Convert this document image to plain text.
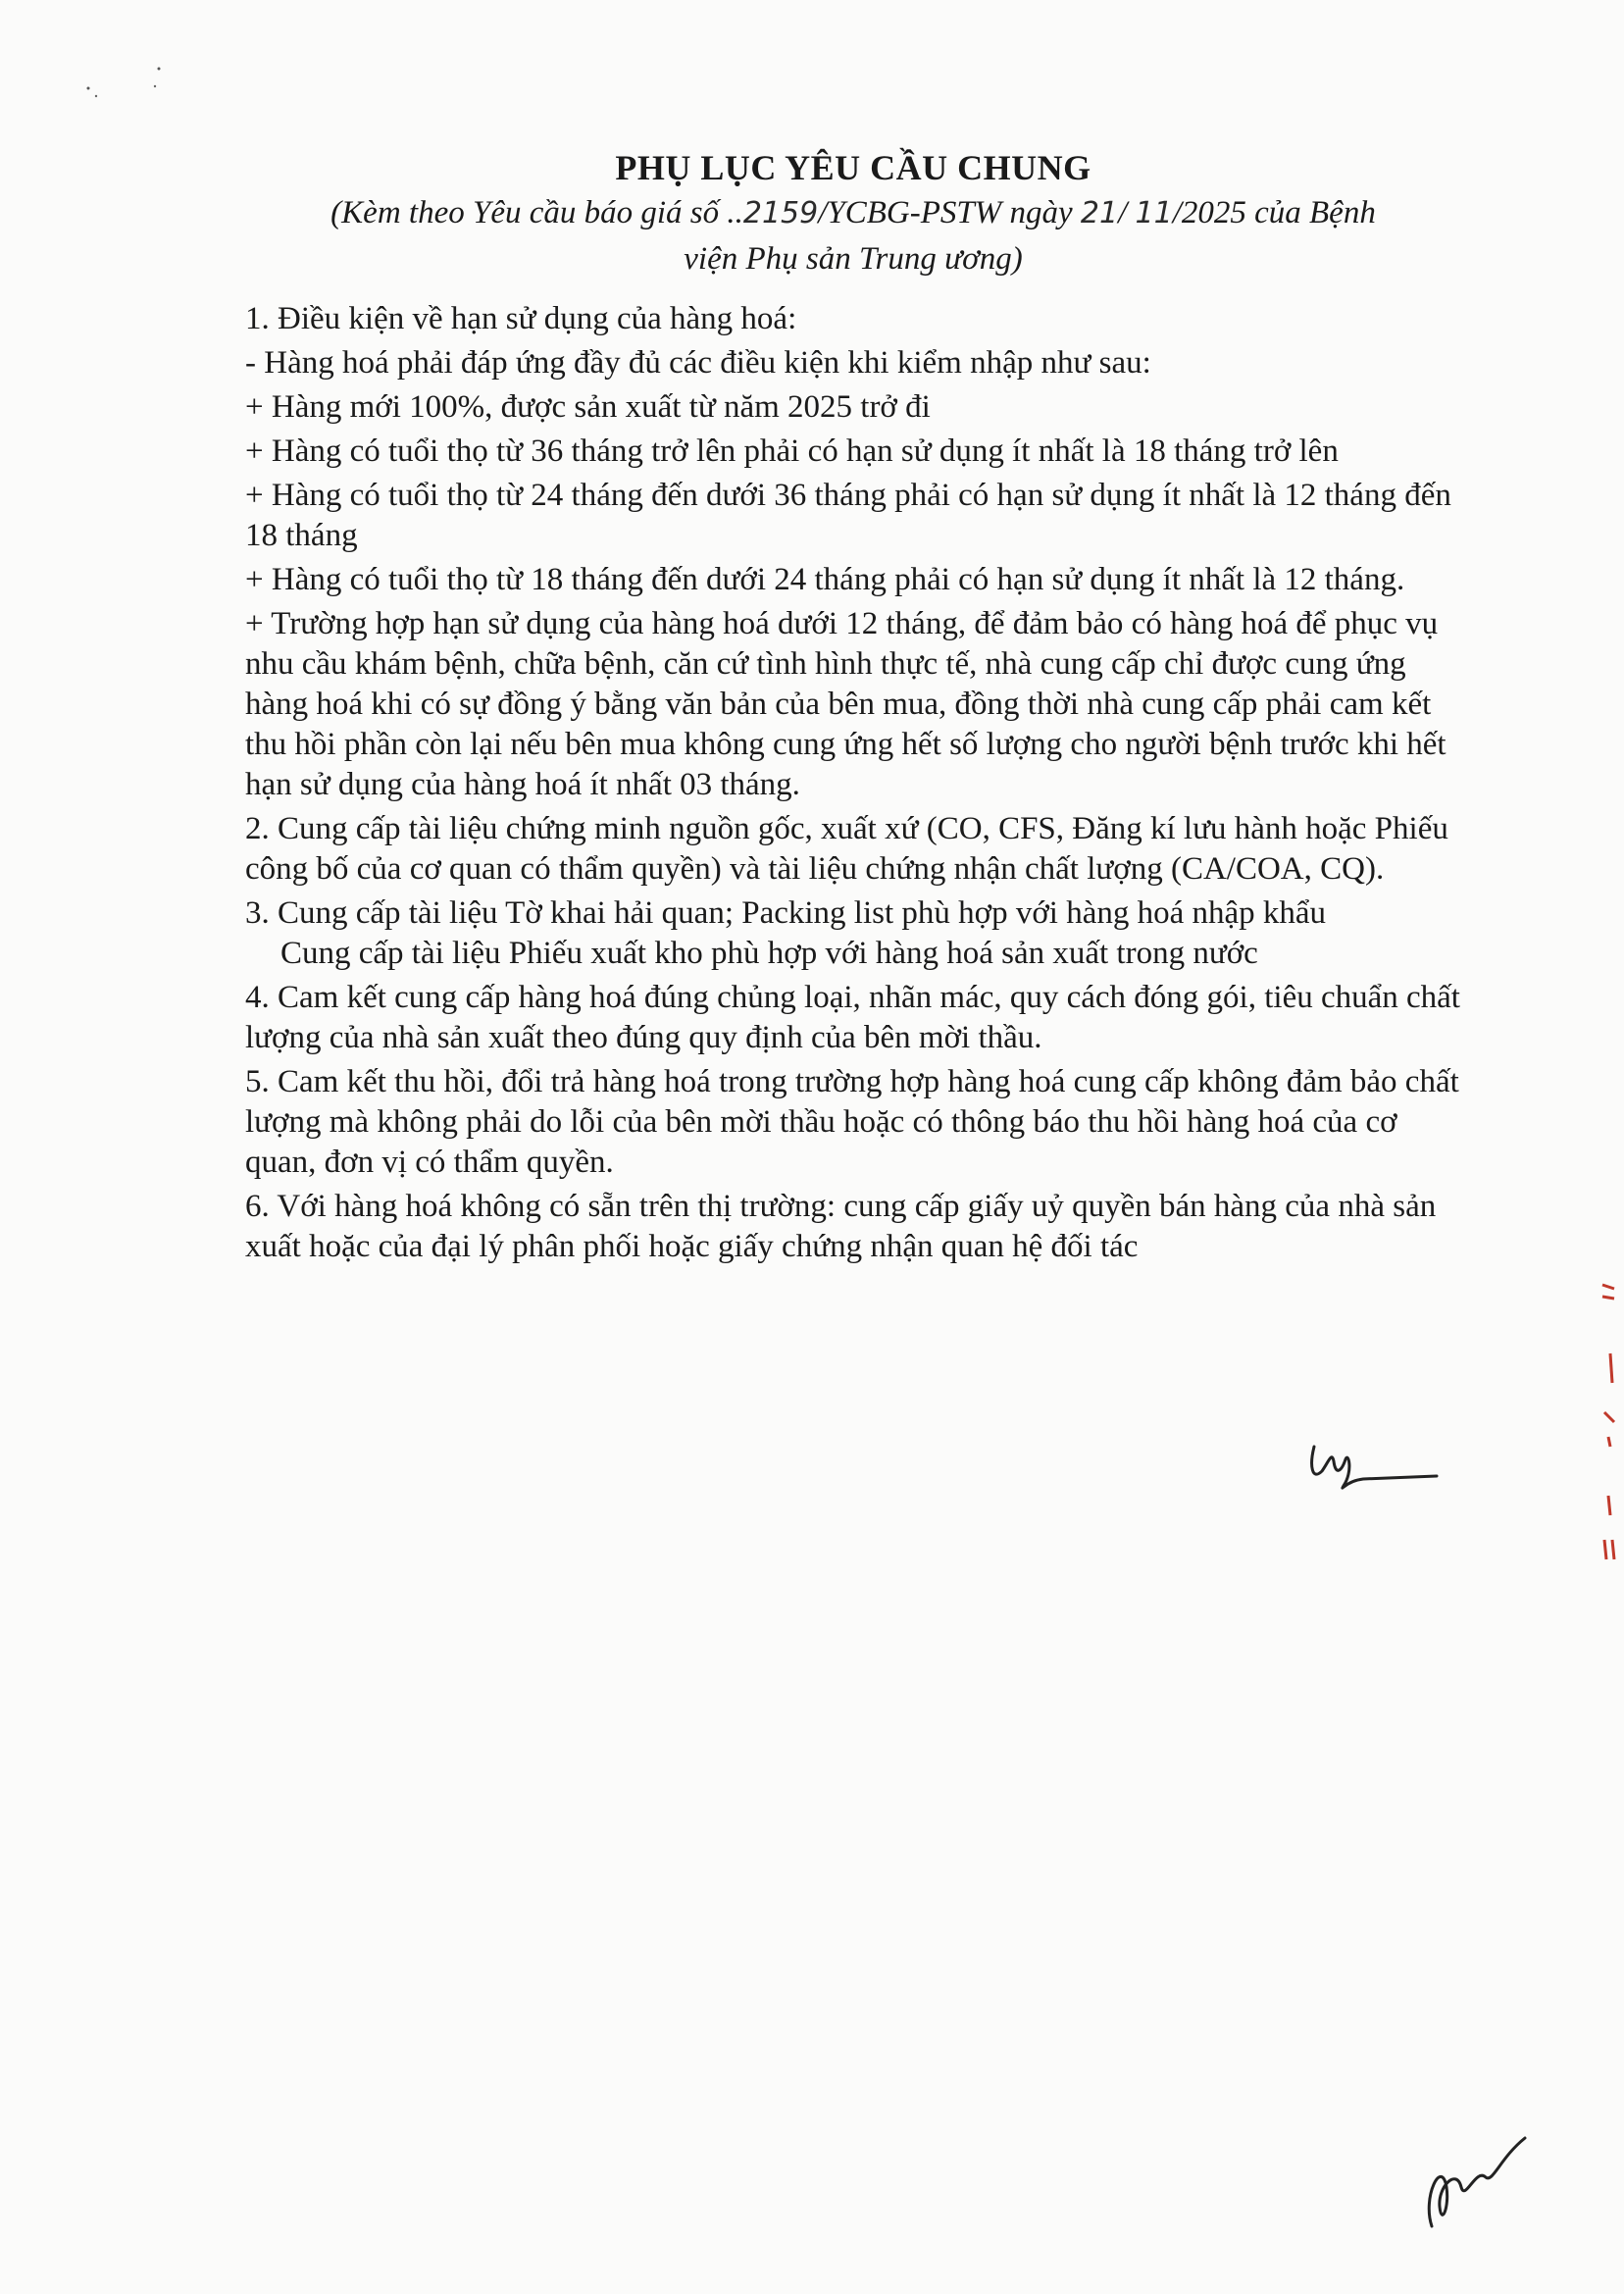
PHỤ LỤC YÊU CẦU CHUNG
(Kèm theo Yêu cầu báo giá số ..2159/YCBG-PSTW ngày 21/ 11/2025 của Bệnh
viện Phụ sản Trung ương)

1. Điều kiện về hạn sử dụng của hàng hoá:

- Hàng hoá phải đáp ứng đầy đủ các điều kiện khi kiểm nhập như sau:

+ Hàng mới 100%, được sản xuất từ năm 2025 trở đi

+ Hàng có tuổi thọ từ 36 tháng trở lên phải có hạn sử dụng ít nhất là 18 tháng trở lên

+ Hàng có tuổi thọ từ 24 tháng đến dưới 36 tháng phải có hạn sử dụng ít nhất là 12 tháng đến 18 tháng

+ Hàng có tuổi thọ từ 18 tháng đến dưới 24 tháng phải có hạn sử dụng ít nhất là 12 tháng.

+ Trường hợp hạn sử dụng của hàng hoá dưới 12 tháng, để đảm bảo có hàng hoá để phục vụ nhu cầu khám bệnh, chữa bệnh, căn cứ tình hình thực tế, nhà cung cấp chỉ được cung ứng hàng hoá khi có sự đồng ý bằng văn bản của bên mua, đồng thời nhà cung cấp phải cam kết thu hồi phần còn lại nếu bên mua không cung ứng hết số lượng cho người bệnh trước khi hết hạn sử dụng của hàng hoá ít nhất 03 tháng.

2. Cung cấp tài liệu chứng minh nguồn gốc, xuất xứ (CO, CFS, Đăng kí lưu hành hoặc Phiếu công bố của cơ quan có thẩm quyền) và tài liệu chứng nhận chất lượng (CA/COA, CQ).

3. Cung cấp tài liệu Tờ khai hải quan; Packing list phù hợp với hàng hoá nhập khẩu

Cung cấp tài liệu Phiếu xuất kho phù hợp với hàng hoá sản xuất trong nước

4. Cam kết cung cấp hàng hoá đúng chủng loại, nhãn mác, quy cách đóng gói, tiêu chuẩn chất lượng của nhà sản xuất theo đúng quy định của bên mời thầu.

5. Cam kết thu hồi, đổi trả hàng hoá trong trường hợp hàng hoá cung cấp không đảm bảo chất lượng mà không phải do lỗi của bên mời thầu hoặc có thông báo thu hồi hàng hoá của cơ quan, đơn vị có thẩm quyền.

6. Với hàng hoá không có sẵn trên thị trường: cung cấp giấy uỷ quyền bán hàng của nhà sản xuất hoặc của đại lý phân phối hoặc giấy chứng nhận quan hệ đối tác
